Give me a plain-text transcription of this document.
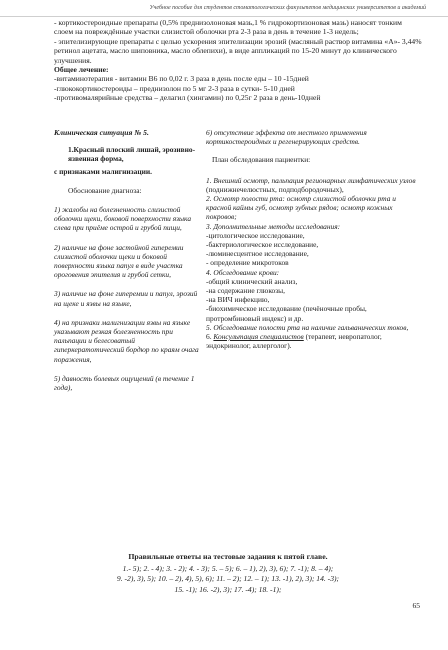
Учебное пособие для студентов стоматологических факультетов медицинских университетов и академий

- кортикостероидные препараты (0,5% преднизолоновая мазь,1 % гидрокортизоновая мазь) наносят тонким слоем на повреждённые участки слизистой оболочки рта 2-3 раза в день в течение 1-3 недель;

- эпителизирующие препараты с целью ускорения эпителизации эрозий (масляный раствор витамина «А»- 3,44% ретинол ацетата, масло шиповника, масло облепихи), в виде аппликаций по 15-20 минут до клинического улучшения.

Общее лечение:

-витаминотерапия - витамин В6 по 0,02 г. 3 раза в день после еды – 10 -15дней

-глюкокортикостероиды – преднизолон по 5 мг 2-3 раза в сутки- 5-10 дней

-противомалярийные средства – делагил (хингамин) по 0,25г 2 раза в день-10дней

Клиническая ситуация № 5.

1.Красный плоский лишай, эрозивно-язвенная форма,

с признаками малигнизации.

Обоснование диагноза:

1) жалобы на болезненность слизистой оболочки щеки, боковой поверхности языка слева при приёме острой и грубой пищи,

2) наличие на фоне застойной гиперемии слизистой оболочки щеки и боковой поверхности языка папул в виде участка ороговения эпителия и грубой сетки,

3) наличие на фоне гиперемии и папул, эрозий на щеке и язвы на языке,

4) на признаки малигнизации язвы на языке указывают резкая болезненность при пальпации и белесоватый гиперкератотический бордюр по краям очага поражения,

5) давность болевых ощущений (в течение 1 года),

6) отсутствие эффекта от местного применения кортикостероидных и регенерирующих средств.

План обследования пациентки:

1. Внешний осмотр, пальпация регионарных лимфатических узлов (поднижнечелюстных, подподбородочных),

2. Осмотр полости рта: осмотр слизистой оболочки рта и красной каймы губ, осмотр зубных рядов; осмотр кожных покровов;

3. Дополнительные методы исследования:

-цитологическое исследование,

-бактериологическое исследование,

-люминесцентное исследование,

- определение микротоков

4. Обследование крови:

-общий клинический анализ,

-на содержание глюкозы,

-на ВИЧ инфекцию,

-биохимическое исследование (печёночные пробы, протромбиновый индекс) и др.

5. Обследование полости рта на наличие гальванических токов,

6. Консультация специалистов (терапевт, невропатолог, эндокринолог, аллерголог).

Правильные ответы на тестовые задания к пятой главе.

1.- 5); 2. - 4); 3. - 2); 4. - 3); 5. – 5); 6. – 1), 2), 3), 6); 7. -1); 8. – 4);

9. -2), 3), 5); 10. – 2), 4), 5), 6); 11. – 2); 12. – 1); 13. -1), 2), 3); 14. -3);

15. -1); 16. -2), 3); 17. -4); 18. -1);

65
